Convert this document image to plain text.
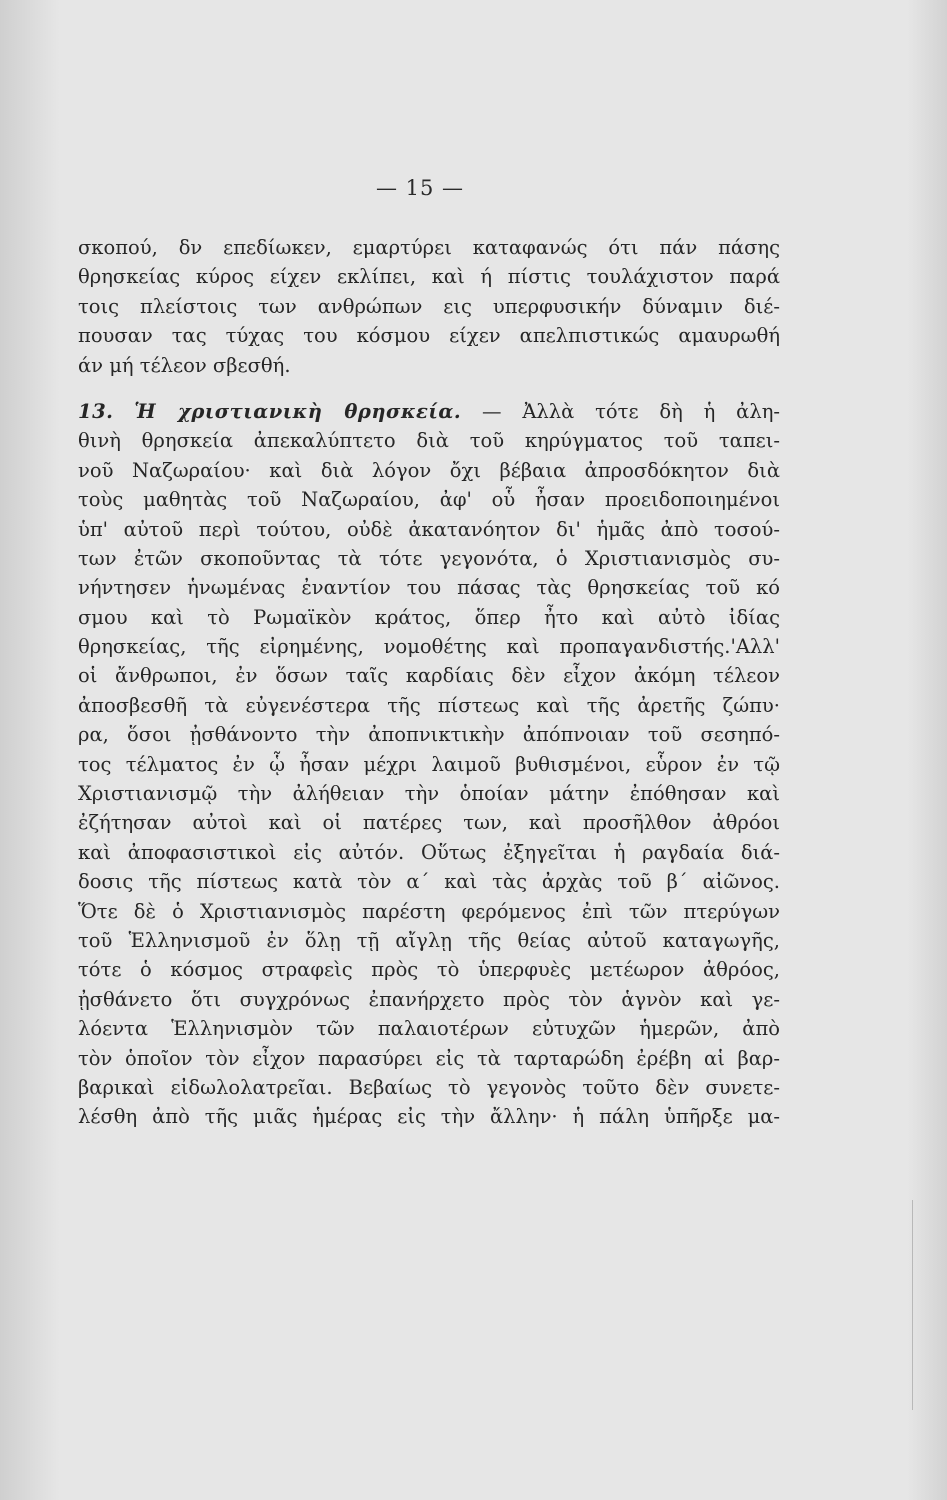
— 15 —
σκοπού, δν επεδίωκεν, εμαρτύρει καταφανώς ότι πάν πάσης
θρησκείας κύρος είχεν εκλίπει, καὶ ή πίστις τουλάχιστον παρά
τοις πλείστοις των ανθρώπων εις υπερφυσικήν δύναμιν διέ-
πουσαν τας τύχας του κόσμου είχεν απελπιστικώς αμαυρωθή
άν μή τέλεον σβεσθή.
13. Ἡ χριστιανικὴ θρησκεία. — Ἀλλὰ τότε δὴ ἡ ἀλη-
θινὴ θρησκεία ἀπεκαλύπτετο διὰ τοῦ κηρύγματος τοῦ ταπει-
νοῦ Ναζωραίου· καὶ διὰ λόγον ὄχι βέβαια ἀπροσδόκητον διὰ
τοὺς μαθητὰς τοῦ Ναζωραίου, ἀφ' οὗ ἦσαν προειδοποιημένοι
ὑπ' αὐτοῦ περὶ τούτου, οὐδὲ ἀκατανόητον δι' ἡμᾶς ἀπὸ τοσού-
των ἐτῶν σκοποῦντας τὰ τότε γεγονότα, ὁ Χριστιανισμὸς συ-
νήντησεν ἡνωμένας ἐναντίον του πάσας τὰς θρησκείας τοῦ κό
σμου καὶ τὸ Ρωμαϊκὸν κράτος, ὅπερ ἦτο καὶ αὐτὸ ἰδίας
θρησκείας, τῆς εἰρημένης, νομοθέτης καὶ προπαγανδιστής.'Αλλ'
οἱ ἄνθρωποι, ἐν ὅσων ταῖς καρδίαις δὲν εἶχον ἀκόμη τέλεον
ἀποσβεσθῆ τὰ εὐγενέστερα τῆς πίστεως καὶ τῆς ἀρετῆς ζώπυ·
ρα, ὅσοι ᾐσθάνοντο τὴν ἀποπνικτικὴν ἀπόπνοιαν τοῦ σεσηπό-
τος τέλματος ἐν ᾧ ἦσαν μέχρι λαιμοῦ βυθισμένοι, εὗρον ἐν τῷ
Χριστιανισμῷ τὴν ἀλήθειαν τὴν ὁποίαν μάτην ἐπόθησαν καὶ
ἐζήτησαν αὐτοὶ καὶ οἱ πατέρες των, καὶ προσῆλθον ἀθρόοι
καὶ ἀποφασιστικοὶ εἰς αὐτόν. Οὕτως ἐξηγεῖται ἡ ραγδαία διά-
δοσις τῆς πίστεως κατὰ τὸν α΄ καὶ τὰς ἀρχὰς τοῦ β΄ αἰῶνος.
Ὅτε δὲ ὁ Χριστιανισμὸς παρέστη φερόμενος ἐπὶ τῶν πτερύγων
τοῦ Ἑλληνισμοῦ ἐν ὅλῃ τῇ αἴγλῃ τῆς θείας αὐτοῦ καταγωγῆς,
τότε ὁ κόσμος στραφεὶς πρὸς τὸ ὑπερφυὲς μετέωρον ἀθρόος,
ᾐσθάνετο ὅτι συγχρόνως ἐπανήρχετο πρὸς τὸν ἁγνὸν καὶ γε-
λόεντα Ἑλληνισμὸν τῶν παλαιοτέρων εὐτυχῶν ἡμερῶν, ἀπὸ
τὸν ὁποῖον τὸν εἶχον παρασύρει εἰς τὰ ταρταρώδη ἐρέβη αἱ βαρ-
βαρικαὶ εἰδωλολατρεῖαι. Βεβαίως τὸ γεγονὸς τοῦτο δὲν συνετε-
λέσθη ἀπὸ τῆς μιᾶς ἡμέρας εἰς τὴν ἄλλην· ἡ πάλη ὑπῆρξε μα-
